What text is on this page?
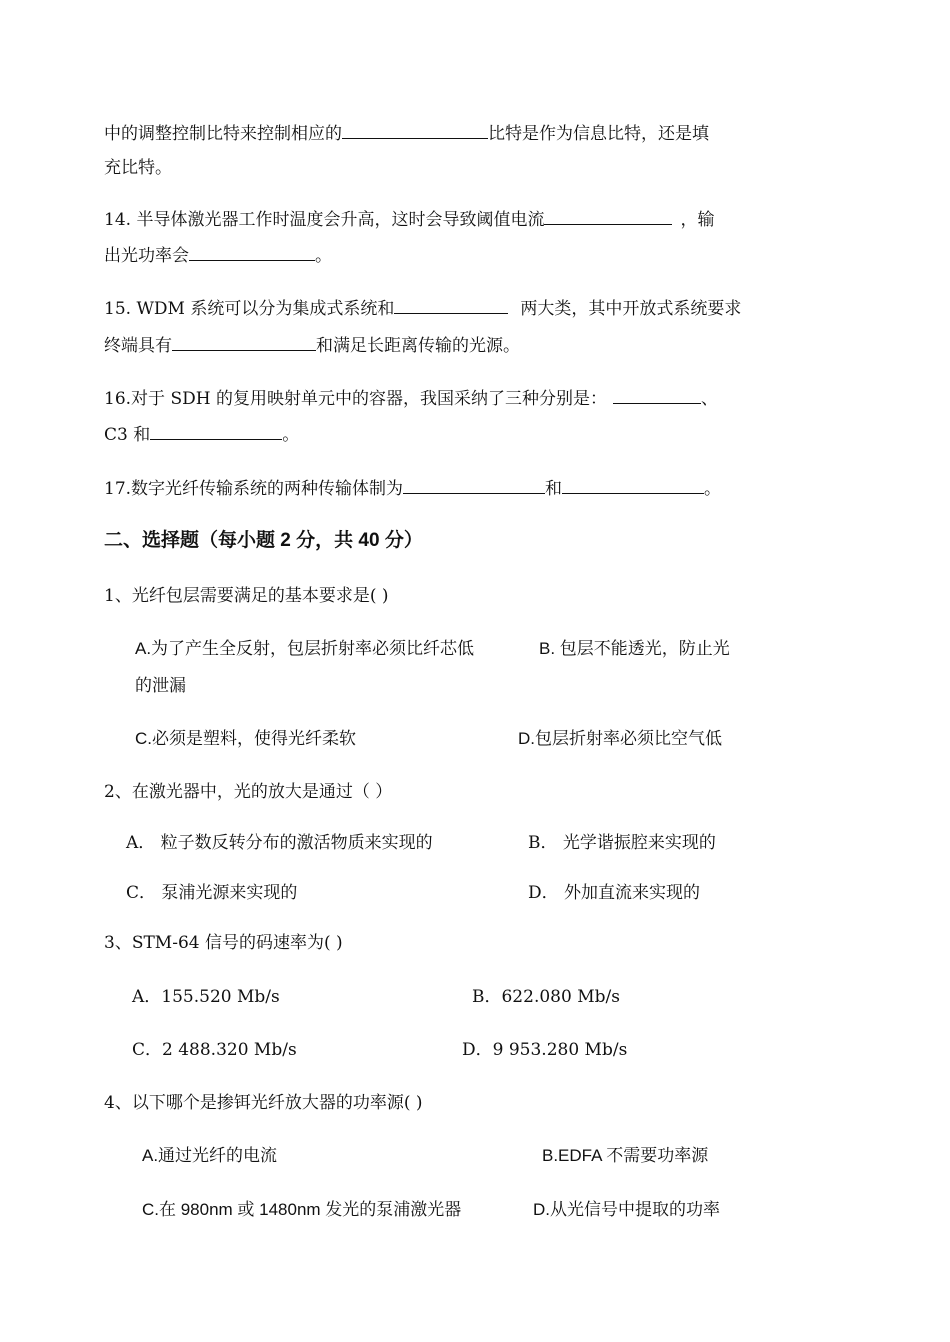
中的调整控制比特来控制相应的	比特是作为信息比特，还是填
充比特。
14. 半导体激光器工作时温度会升高，这时会导致阈值电流	，输
出光功率会	。
15. WDM 系统可以分为集成式系统和	两大类，其中开放式系统要求
终端具有	和满足长距离传输的光源。
16.对于 SDH 的复用映射单元中的容器，我国采纳了三种分别是：	、
C3 和	。
17.数字光纤传输系统的两种传输体制为	和	。
二、选择题（每小题 2 分，共 40 分）
1、光纤包层需要满足的基本要求是( )
A.为了产生全反射，包层折射率必须比纤芯低	B. 包层不能透光，防止光
的泄漏
C.必须是塑料，使得光纤柔软	D.包层折射率必须比空气低
2、在激光器中，光的放大是通过（ ）
A． 粒子数反转分布的激活物质来实现的	B． 光学谐振腔来实现的
C． 泵浦光源来实现的	D． 外加直流来实现的
3、STM-64 信号的码速率为( )
A．155.520 Mb/s	B．622.080 Mb/s
C．2 488.320 Mb/s	D．9 953.280 Mb/s
4、以下哪个是掺铒光纤放大器的功率源( )
A.通过光纤的电流	B.EDFA 不需要功率源
C.在 980nm 或 1480nm 发光的泵浦激光器	D.从光信号中提取的功率
